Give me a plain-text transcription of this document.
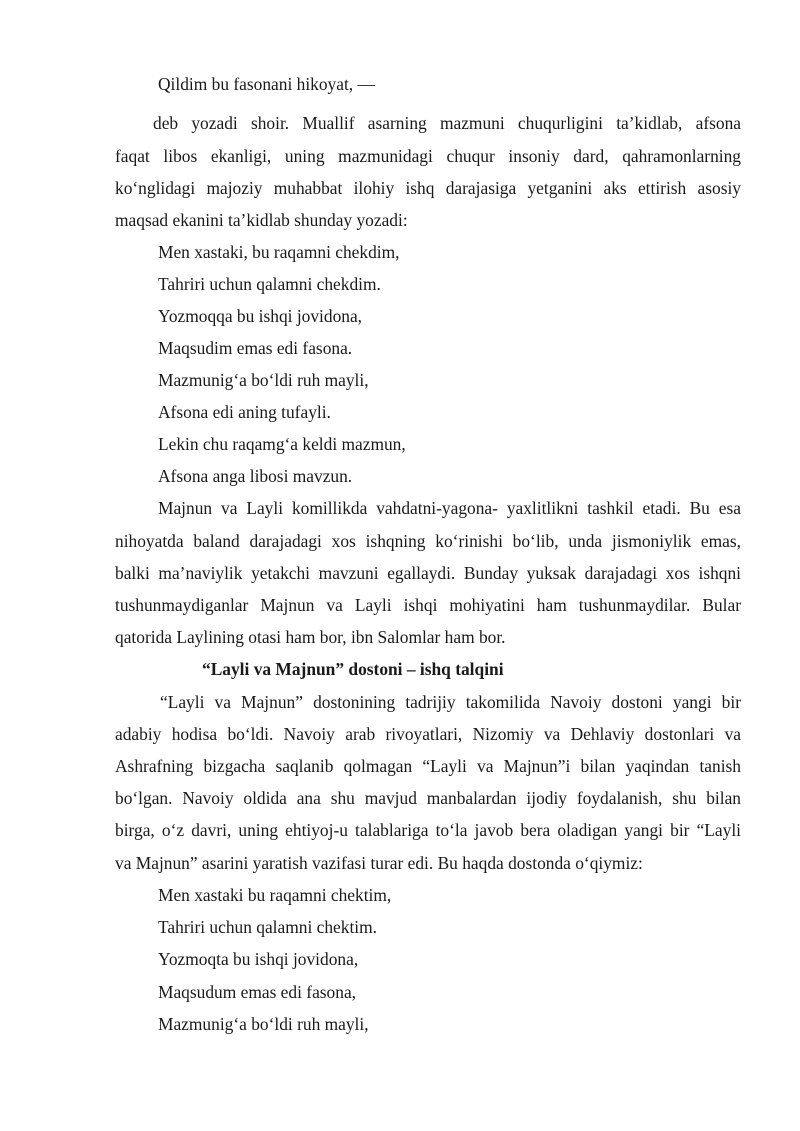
Qildim bu fasonani hikoyat, —
deb yozadi shoir. Muallif asarning mazmuni chuqurligini ta’kidlab, afsona
faqat libos ekanligi, uning mazmunidagi chuqur insoniy dard, qahramonlarning
ko‘nglidagi majoziy muhabbat ilohiy ishq darajasiga yetganini aks ettirish asosiy
maqsad ekanini ta’kidlab shunday yozadi:
Men xastaki, bu raqamni chekdim,
Tahriri uchun qalamni chekdim.
Yozmoqqa bu ishqi jovidona,
Maqsudim emas edi fasona.
Mazmunig‘a bo‘ldi ruh mayli,
Afsona edi aning tufayli.
Lekin chu raqamg‘a keldi mazmun,
Afsona anga libosi mavzun.
Majnun va Layli komillikda vahdatni-yagona- yaxlitlikni tashkil etadi. Bu esa
nihoyatda baland darajadagi xos ishqning ko‘rinishi bo‘lib, unda jismoniylik emas,
balki ma’naviylik yetakchi mavzuni egallaydi. Bunday yuksak darajadagi xos ishqni
tushunmaydiganlar Majnun va Layli ishqi mohiyatini ham tushunmaydilar. Bular
qatorida Laylining otasi ham bor, ibn Salomlar ham bor.
“Layli va Majnun” dostoni – ishq talqini
“Layli va Majnun” dostonining tadrijiy takomilida Navoiy dostoni yangi bir
adabiy hodisa bo‘ldi. Navoiy arab rivoyatlari, Nizomiy va Dehlaviy dostonlari va
Ashrafning bizgacha saqlanib qolmagan “Layli va Majnun”i bilan yaqindan tanish
bo‘lgan. Navoiy oldida ana shu mavjud manbalardan ijodiy foydalanish, shu bilan
birga, o‘z davri, uning ehtiyoj-u talablariga to‘la javob bera oladigan yangi bir “Layli
va Majnun” asarini yaratish vazifasi turar edi. Bu haqda dostonda o‘qiymiz:
Men xastaki bu raqamni chektim,
Tahriri uchun qalamni chektim.
Yozmoqta bu ishqi jovidona,
Maqsudum emas edi fasona,
Mazmunig‘a bo‘ldi ruh mayli,
